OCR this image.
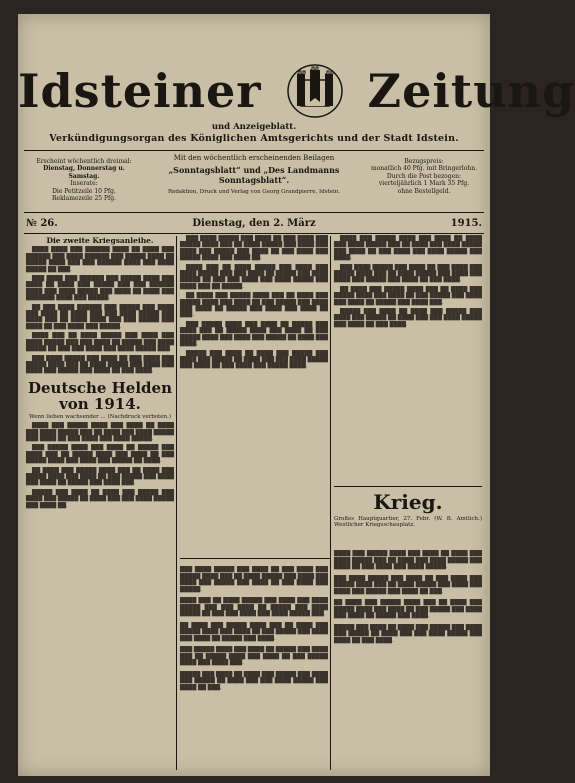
Idsteiner Zeitung
und Anzeigeblatt.
Verkündigungsorgan des Königlichen Amtsgerichts und der Stadt Idstein.
Erscheint wöchentlich dreimal:
Dienstag, Donnerstag u. Samstag.
Inserate:
Die Petitzeile 10 Pfg.
Reklamezeile 25 Pfg.
Mit den wöchentlich erscheinenden Beilagen
„Sonntagsblatt“ und „Des Landmanns Sonntagsblatt“.
Redaktion, Druck und Verlag von Georg Grandpierre, Idstein.
Bezugspreis:
monatlich 40 Pfg. mit Bringerlohn.
Durch die Post bezogen:
vierteljährlich 1 Mark 35 Pfg.
ohne Bestellgeld.
№ 26.	Dienstag, den 2. März	1915.
Die zweite Kriegsanleihe.

████ ████ ███ ██████ ████ ██ ████ ███ ██████ ███ ████ ██████ ███ █████ ████ ██ █████ ████ ███ ███ ██████ ████ ███ ████ █████ ██ ███.

███ ████ ███ ██████ ███ █████ ████ ███ ████ ██ ████ ███ █████ ███ ███ ██████ ████ ███ ████ █████ ███ ████ ██ ████ ███ ███████ ████ ███ █████.

██ ███ ████ ██████ ███ █████ ███ ████ ███ ████ ██ ████ ███ ███ ████ █████ ███ ████ ███ ██ ████ ████ ███ ███ █████ ███ ████ ██ ███ ████ ███ █████.

████ ███ ██ ████ █████ ███ ████ ███ ████ █████ ███ ███ ████ ██ █████ ███ ████ █████ ██ ███ ███ ████ ███ ████ █████ ███.

███ ████ █████ ███ ████ ██ ███ ████ ███ █████ ████ ███ ██ ████ █████ ███ ████ ███ ████ ███ █████ ███ ████ ██ ███ ████.

Deutsche Helden von 1914.
Wenn lieben wachsender ... (Nachdruck verboten.)

████ ███ █████ ████ ███ ████ ██ ████ ███ ████ █████ ███ ██ ████ ███ ████ █████ ███ ████ ██ ███ ████ ███ ████ █████.

███ █████ ████ ███ ████ ██ █████ ███ ████ ███ ██ █████ ████ ███ ████ ██ ███ █████ ████ ███ ████ ███ █████ ██ ████.

██ ████ ███ █████ ████ ███ ██ ████ ███ █████ ████ ███ ████ ██ ███ █████ ███ ████ ███ ████ ██ █████ ███ ████ ███.

█████ ███ ████ ██ ████ ███ █████ ███ ████ ███ █████ ██ ████ ███ ███ ████ █████ ███ ████ ██.

███ ████ █████ ███ ████ ██ ███ ████ ███ █████ ████ ███ ██ ████ █████ ███ ████ ███ ████ ███ █████ ███ ████ ██ ███ ████ ███ █████ ████ ███ ████ ██.

████ ███ ██ ████ █████ ███ ████ ███ ████ █████ ███ ███ ████ ██ █████ ███ ████ █████ ██ ███ ███ ████ ███ ████ █████ ███ ████ ███ ██ █████.

██ ████ ███ █████ ████ ███ ██ ████ ███ █████ ████ ███ ████ ██ ███ █████ ███ ████ ███ ████ ██ █████ ███ ████ ███ ████ ██ ███.

███ █████ ████ ███ ████ ██ █████ ███ ████ ███ ██ █████ ████ ███ ████ ██ ███ █████ ████ ███ ████ ███ █████ ██ ████ ███ ████.

█████ ███ ████ ██ ████ ███ █████ ███ ████ ███ █████ ██ ████ ███ ███ ████ █████ ███ ████ ██ ███ ████ ███ █████ ████.

████ ███ █████ ████ ███ ████ ██ ████ ███ ████ █████ ███ ██ ████ ███ ████ █████ ███ ████ ██ ███ ████ ███ ████ █████ ███ ████.

███ ████ █████ ███ ████ ██ ███ ████ ███ █████ ████ ███ ██ ████ █████ ███ ████ ███ ████ ███ █████ ███ ████ ██ ███ ████.

██ ████ ███ █████ ████ ███ ██ ████ ███ █████ ████ ███ ████ ██ ███ █████ ███ ████ ███ ████ ██ █████ ███ ████ ███.

█████ ███ ████ ██ ████ ███ █████ ███ ████ ███ █████ ██ ████ ███ ███ ████ █████ ███ ████ ██ ███ ████.

Krieg.
Großes Hauptquartier, 27. Febr. (W. B. Amtlich.) Westlicher Kriegsschauplatz.

███ ████ █████ ███ ████ ██ ███ ████ ███ █████ ████ ███ ██ ████ █████ ███ ████ ███ ████ ███ █████ ███ ████ ██ ███ ████ ███ █████.

████ ███ ██ ████ █████ ███ ████ ███ ████ █████ ███ ███ ████ ██ █████ ███ ████ █████ ██ ███ ███ ████ ███ ████ █████ ███.

██ ████ ███ █████ ████ ███ ██ ████ ███ █████ ████ ███ ████ ██ ███ █████ ███ ████ ███ ████ ██ █████ ███ ████.

███ █████ ████ ███ ████ ██ █████ ███ ████ ███ ██ █████ ████ ███ ████ ██ ███ █████ ████ ███ ████ ███.

█████ ███ ████ ██ ████ ███ █████ ███ ████ ███ █████ ██ ████ ███ ███ ████ █████ ███ ████ ██ ███.

████ ███ █████ ████ ███ ████ ██ ████ ███ ████ █████ ███ ██ ████ ███ ████ █████ ███ ████ ██ ███ ████ ███ ████ █████.

███ ████ █████ ███ ████ ██ ███ ████ ███ █████ ████ ███ ██ ████ █████ ███ ████ ███ ████ ███ █████ ███ ████ ██ ███.

██ ████ ███ █████ ████ ███ ██ ████ ███ █████ ████ ███ ████ ██ ███ █████ ███ ████ ███ ████ ██ █████ ███ ████.

█████ ███ ████ ██ ████ ███ █████ ███ ████ ███ █████ ██ ████ ███ ███ ████ █████ ███ ████ ██ ███ ████.
